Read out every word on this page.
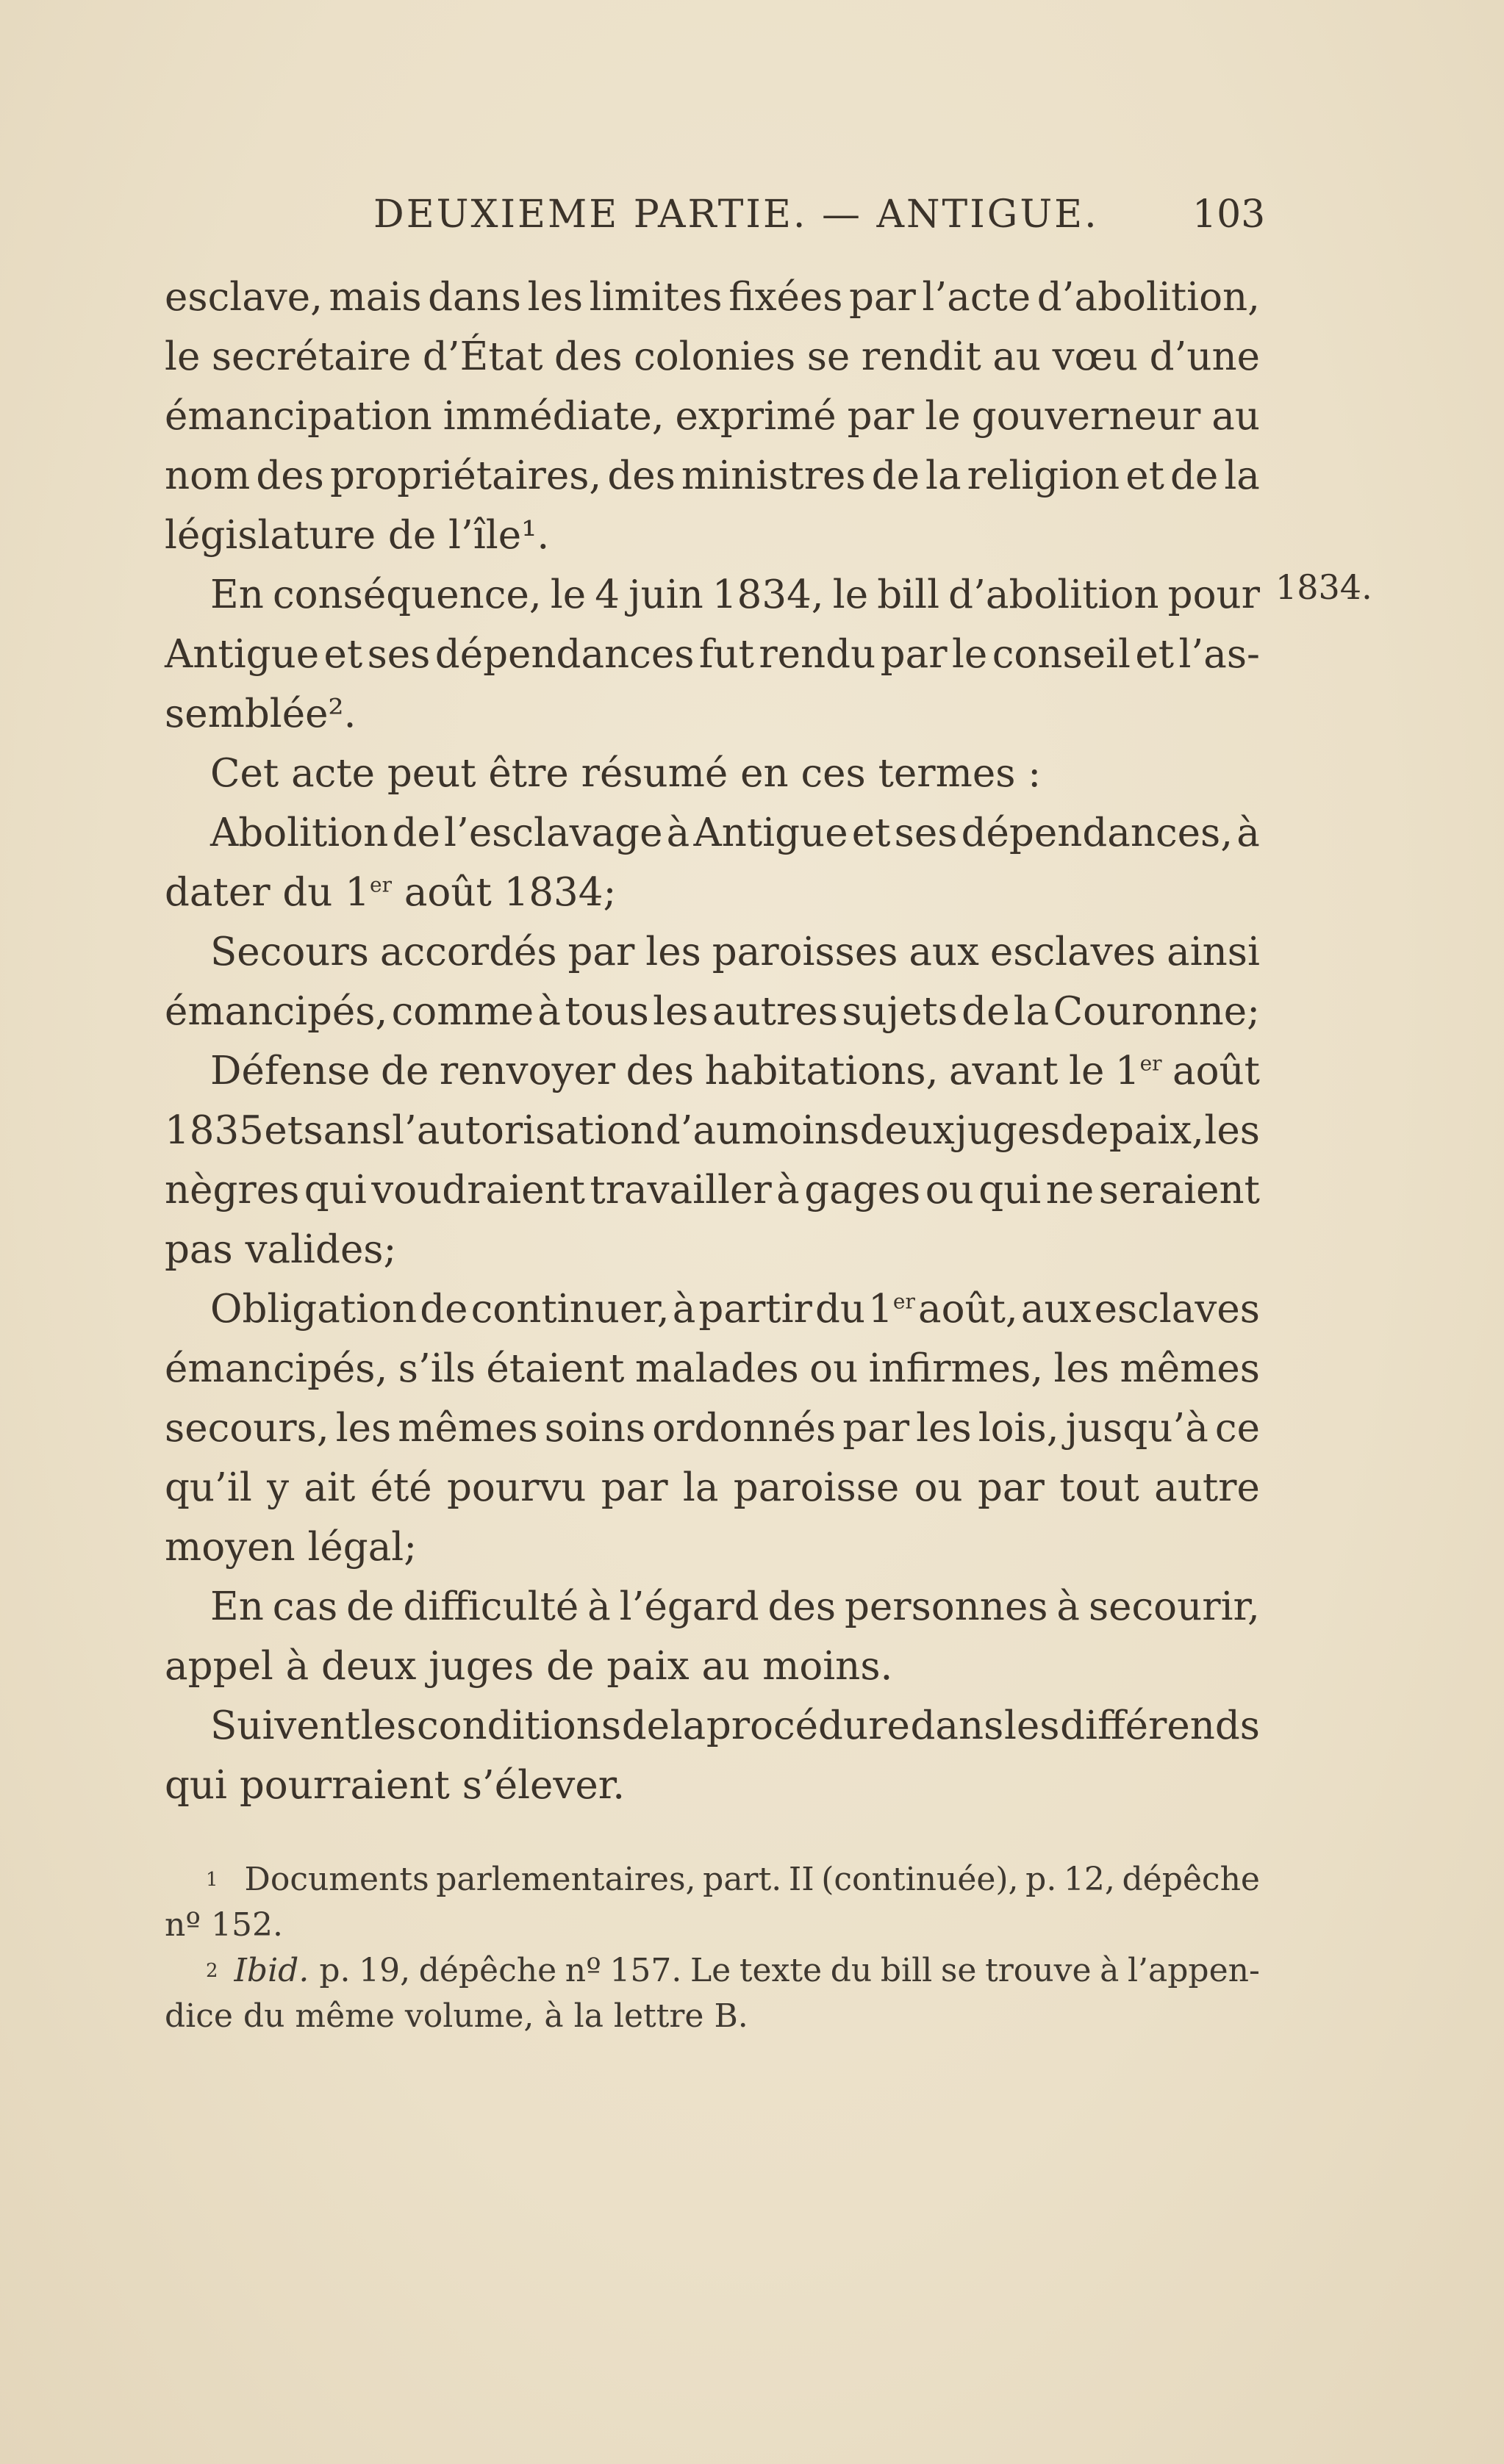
DEUXIEME PARTIE. — ANTIGUE. 103
esclave, mais dans les limites fixées par l’acte d’abolition,
le secrétaire d’État des colonies se rendit au vœu d’une
émancipation immédiate, exprimé par le gouverneur au
nom des propriétaires, des ministres de la religion et de la
législature de l’île¹.
En conséquence, le 4 juin 1834, le bill d’abolition pour
Antigue et ses dépendances fut rendu par le conseil et l’as-
semblée².
Cet acte peut être résumé en ces termes :
Abolition de l’esclavage à Antigue et ses dépendances, à
dater du 1er août 1834;
Secours accordés par les paroisses aux esclaves ainsi
émancipés, comme à tous les autres sujets de la Couronne;
Défense de renvoyer des habitations, avant le 1er août
1835 et sans l’autorisation d’au moins deux juges de paix, les
nègres qui voudraient travailler à gages ou qui ne seraient
pas valides;
Obligation de continuer, à partir du 1er août, aux esclaves
émancipés, s’ils étaient malades ou infirmes, les mêmes
secours, les mêmes soins ordonnés par les lois, jusqu’à ce
qu’il y ait été pourvu par la paroisse ou par tout autre
moyen légal;
En cas de difficulté à l’égard des personnes à secourir,
appel à deux juges de paix au moins.
Suivent les conditions de la procédure dans les différends
qui pourraient s’élever.
1834.
1 Documents parlementaires, part. II (continuée), p. 12, dépêche
nº 152.
2 Ibid. p. 19, dépêche nº 157. Le texte du bill se trouve à l’appen-
dice du même volume, à la lettre B.
